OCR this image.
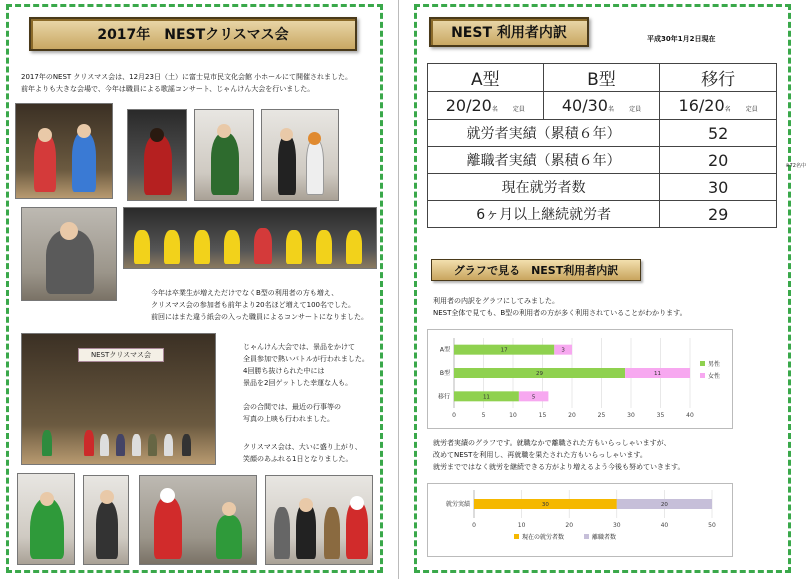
2017年　NESTクリスマス会
2017年のNEST クリスマス会は、12月23日（土）に富士見市民文化会館 小ホールにて開催されました。
前年よりも大きな会場で、今年は職員による歌謡コンサート、じゃんけん大会を行いました。
今年は卒業生が増えただけでなくB型の利用者の方も増え、
クリスマス会の参加者も前年より20名ほど増えて100名でした。
前回にはまた違う紙会の入った職員によるコンサートになりました。
NESTクリスマス会
じゃんけん大会では、景品をかけて
全員参加で熱いバトルが行われました。
4回勝ち抜けられた中には
景品を2回ゲットした幸運な人も。
会の合間では、最近の行事等の
写真の上映も行われました。
クリスマス会は、大いに盛り上がり、
笑顔のあふれる1日となりました。
NEST 利用者内訳	平成30年1月2日現在
A型	B型	移行
20/20名 定員	40/30名 定員	16/20名 定員
就労者実績（累積６年）		52
離職者実績（累積６年）		20 ※72名中

現在就労者数		30
6ヶ月以上継続就労者		29
グラフで見る　NEST利用者内訳
利用者の内訳をグラフにしてみました。
NEST全体で見ても、B型の利用者の方が多く利用されていることがわかります。
0	5	10	15	20	25	30	35	40
A型	17	3
B型	29	11
移行	11	5
男性
女性
就労者実績のグラフです。就職なかで離職された方もいらっしゃいますが、
改めてNESTを利用し、再就職を果たされた方もいらっしゃいます。
就労までではなく就労を継続できる方がより増えるよう今後も努めていきます。
0	10	20	30	40	50
就労実績	30	20
現在の就労者数	離職者数
